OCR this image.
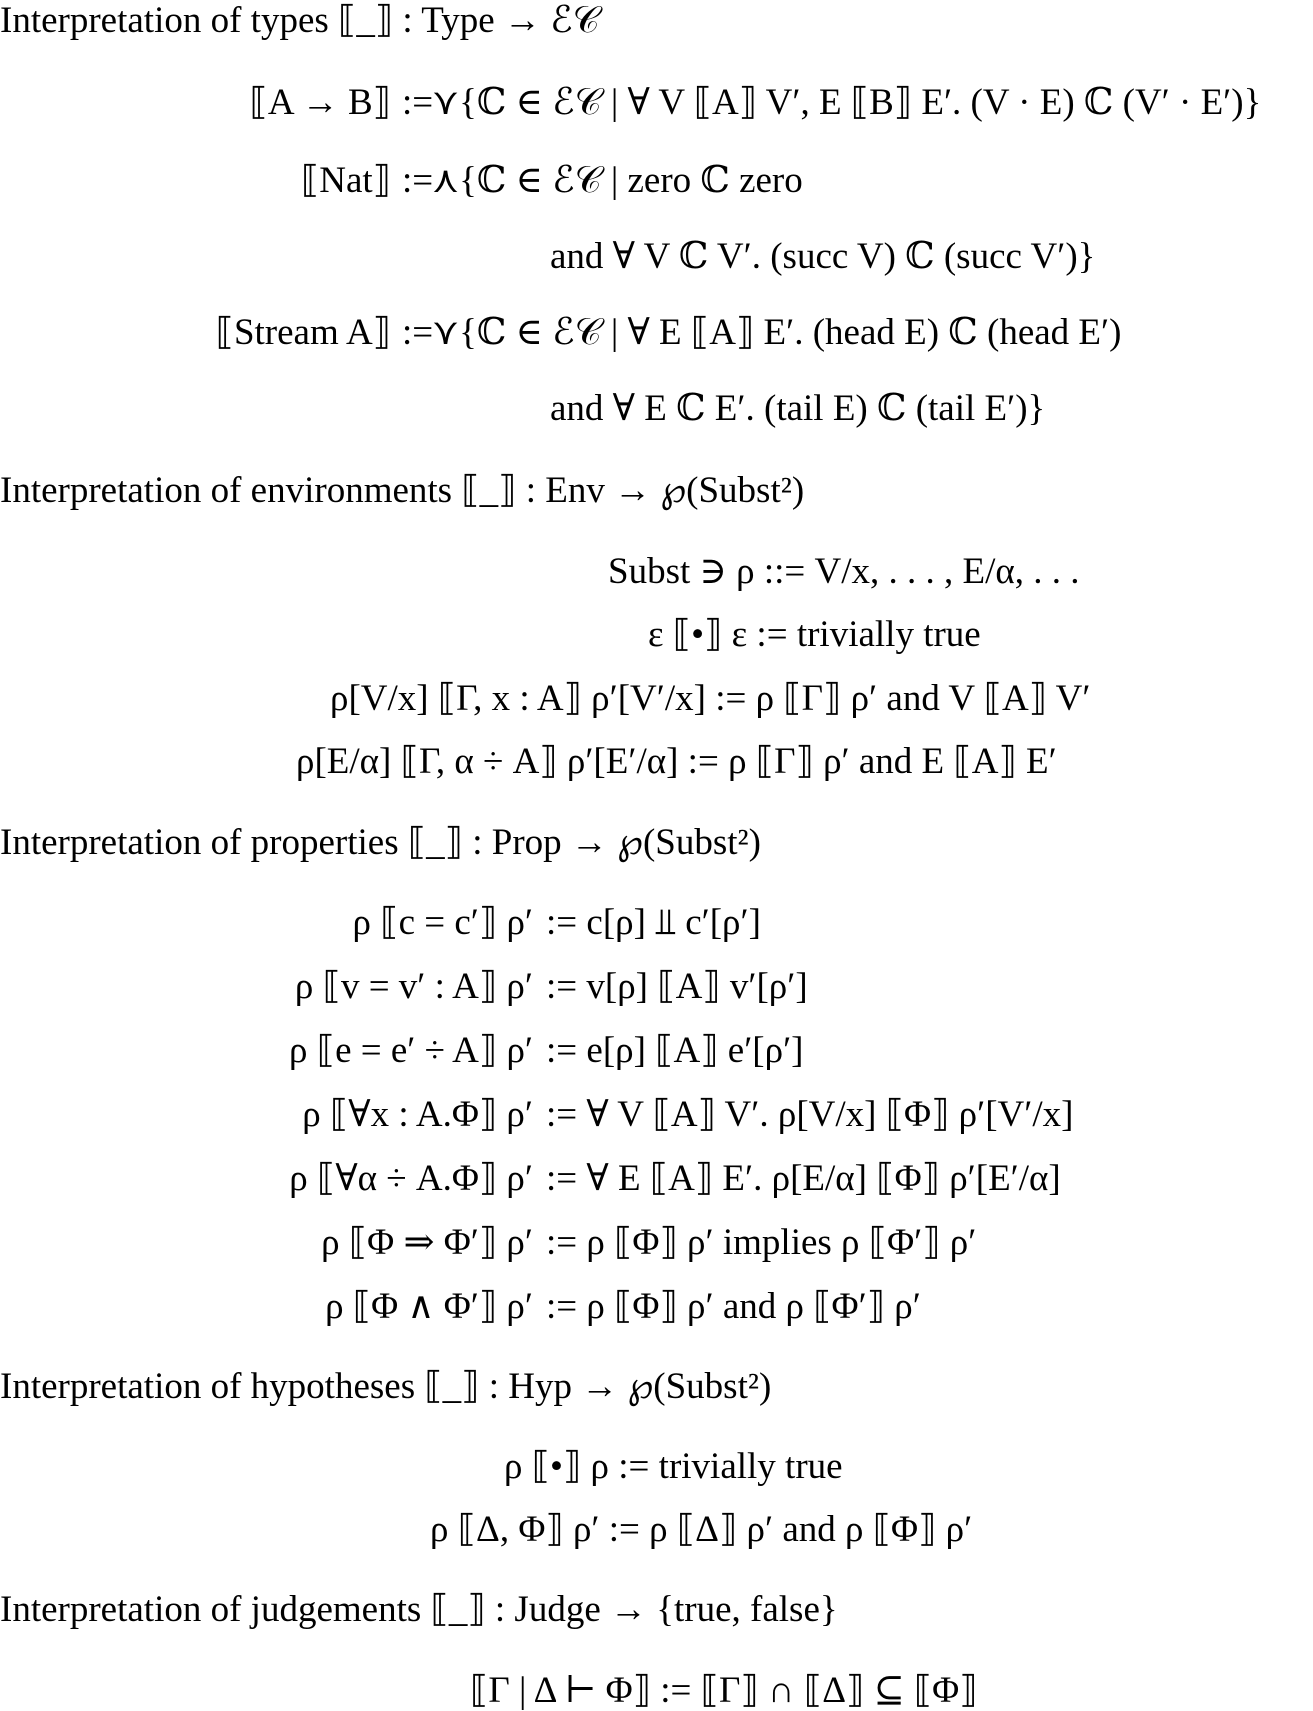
Interpretation of types ⟦_⟧ : Type → ℰ𝒞
⟦A → B⟧ :=
⋎{ℂ ∈ ℰ𝒞 | ∀ V ⟦A⟧ V′, E ⟦B⟧ E′. (V · E) ℂ (V′ · E′)}
⟦Nat⟧ :=
⋏{ℂ ∈ ℰ𝒞 | zero ℂ zero
and ∀ V ℂ V′. (succ V) ℂ (succ V′)}
⟦Stream A⟧ :=
⋎{ℂ ∈ ℰ𝒞 | ∀ E ⟦A⟧ E′. (head E) ℂ (head E′)
and ∀ E ℂ E′. (tail E) ℂ (tail E′)}
Interpretation of environments ⟦_⟧ : Env → ℘(Subst²)
Subst ∋ ρ ::= V/x, . . . , E/α, . . .
ε ⟦•⟧ ε := trivially true
ρ[V/x] ⟦Γ, x : A⟧ ρ′[V′/x] := ρ ⟦Γ⟧ ρ′ and V ⟦A⟧ V′
ρ[E/α] ⟦Γ, α ÷ A⟧ ρ′[E′/α] := ρ ⟦Γ⟧ ρ′ and E ⟦A⟧ E′
Interpretation of properties ⟦_⟧ : Prop → ℘(Subst²)
ρ ⟦c = c′⟧ ρ′ := c[ρ] ⫫ c′[ρ′]
ρ ⟦v = v′ : A⟧ ρ′ := v[ρ] ⟦A⟧ v′[ρ′]
ρ ⟦e = e′ ÷ A⟧ ρ′ := e[ρ] ⟦A⟧ e′[ρ′]
ρ ⟦∀x : A.Φ⟧ ρ′ := ∀ V ⟦A⟧ V′. ρ[V/x] ⟦Φ⟧ ρ′[V′/x]
ρ ⟦∀α ÷ A.Φ⟧ ρ′ := ∀ E ⟦A⟧ E′. ρ[E/α] ⟦Φ⟧ ρ′[E′/α]
ρ ⟦Φ ⇒ Φ′⟧ ρ′ := ρ ⟦Φ⟧ ρ′ implies ρ ⟦Φ′⟧ ρ′
ρ ⟦Φ ∧ Φ′⟧ ρ′ := ρ ⟦Φ⟧ ρ′ and ρ ⟦Φ′⟧ ρ′
Interpretation of hypotheses ⟦_⟧ : Hyp → ℘(Subst²)
ρ ⟦•⟧ ρ := trivially true
ρ ⟦Δ, Φ⟧ ρ′ := ρ ⟦Δ⟧ ρ′ and ρ ⟦Φ⟧ ρ′
Interpretation of judgements ⟦_⟧ : Judge → {true, false}
⟦Γ | Δ ⊢ Φ⟧ := ⟦Γ⟧ ∩ ⟦Δ⟧ ⊆ ⟦Φ⟧
